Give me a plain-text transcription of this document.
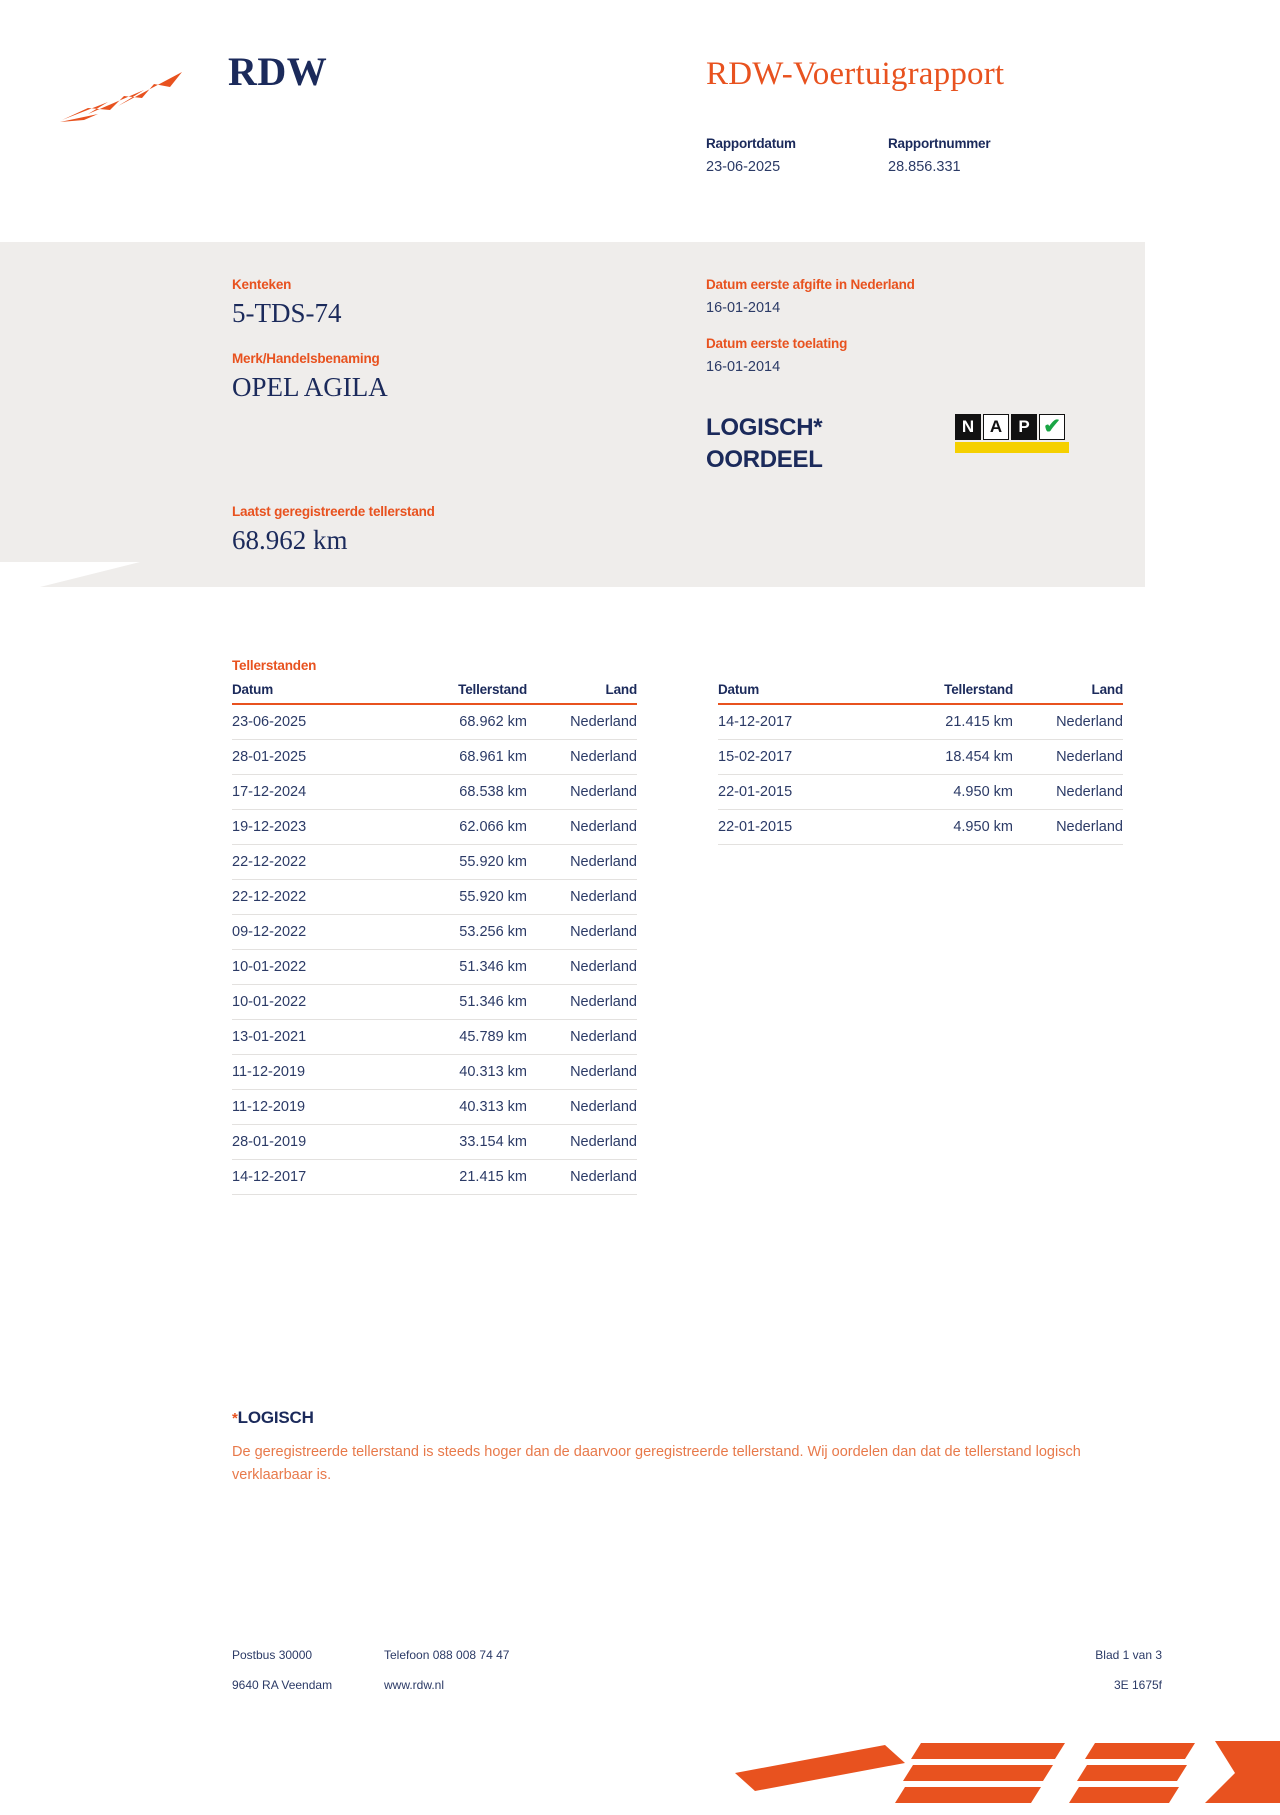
RDW	RDW-Voertuigrapport
Rapportdatum
23-06-2025
Rapportnummer
28.856.331
Kenteken
5-TDS-74
Merk/Handelsbenaming
OPEL AGILA
Datum eerste afgifte in Nederland
16-01-2014
Datum eerste toelating
16-01-2014
Laatst geregistreerde tellerstand
68.962 km
LOGISCH*
OORDEEL
N A P ✔
Tellerstanden
Datum	Tellerstand	Land
23-06-2025	68.962 km	Nederland
28-01-2025	68.961 km	Nederland
17-12-2024	68.538 km	Nederland
19-12-2023	62.066 km	Nederland
22-12-2022	55.920 km	Nederland
22-12-2022	55.920 km	Nederland
09-12-2022	53.256 km	Nederland
10-01-2022	51.346 km	Nederland
10-01-2022	51.346 km	Nederland
13-01-2021	45.789 km	Nederland
11-12-2019	40.313 km	Nederland
11-12-2019	40.313 km	Nederland
28-01-2019	33.154 km	Nederland
14-12-2017	21.415 km	Nederland
Datum	Tellerstand	Land
14-12-2017	21.415 km	Nederland
15-02-2017	18.454 km	Nederland
22-01-2015	4.950 km	Nederland
22-01-2015	4.950 km	Nederland
*LOGISCH
De geregistreerde tellerstand is steeds hoger dan de daarvoor geregistreerde tellerstand. Wij oordelen dan dat de tellerstand logisch verklaarbaar is.
Postbus 30000	Telefoon 088 008 74 47	Blad 1 van 3
9640 RA Veendam	www.rdw.nl	3E 1675f
